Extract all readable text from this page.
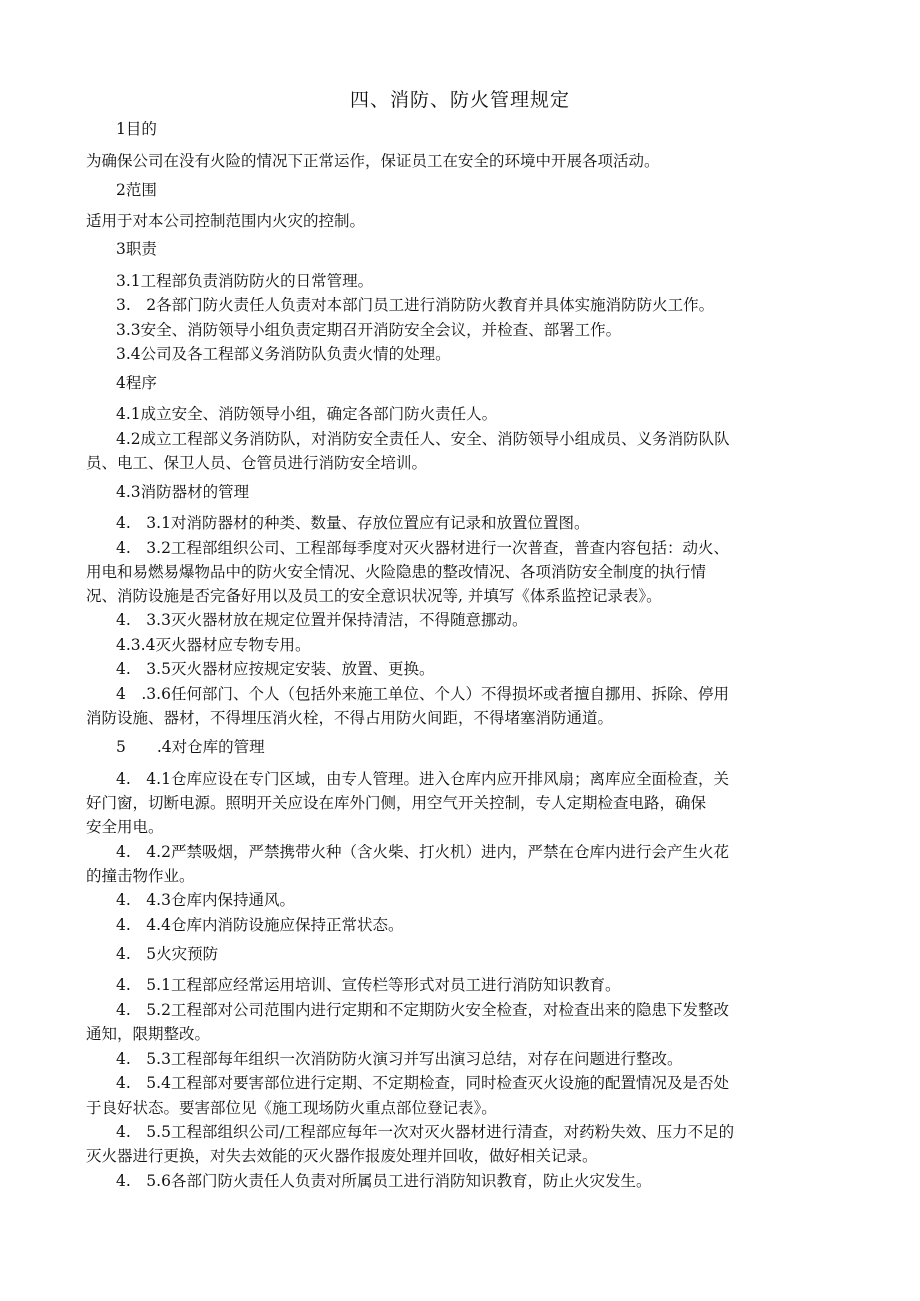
四、消防、防火管理规定
1目的
为确保公司在没有火险的情况下正常运作，保证员工在安全的环境中开展各项活动。
2范围
适用于对本公司控制范围内火灾的控制。
3职责
3.1工程部负责消防防火的日常管理。
3.　2各部门防火责任人负责对本部门员工进行消防防火教育并具体实施消防防火工作。
3.3安全、消防领导小组负责定期召开消防安全会议，并检查、部署工作。
3.4公司及各工程部义务消防队负责火情的处理。
4程序
4.1成立安全、消防领导小组，确定各部门防火责任人。
4.2成立工程部义务消防队，对消防安全责任人、安全、消防领导小组成员、义务消防队队
员、电工、保卫人员、仓管员进行消防安全培训。
4.3消防器材的管理
4.　3.1对消防器材的种类、数量、存放位置应有记录和放置位置图。
4.　3.2工程部组织公司、工程部每季度对灭火器材进行一次普查，普查内容包括：动火、
用电和易燃易爆物品中的防火安全情况、火险隐患的整改情况、各项消防安全制度的执行情
况、消防设施是否完备好用以及员工的安全意识状况等, 并填写《体系监控记录表》。
4.　3.3灭火器材放在规定位置并保持清洁，不得随意挪动。
4.3.4灭火器材应专物专用。
4.　3.5灭火器材应按规定安装、放置、更换。
4　.3.6任何部门、个人（包括外来施工单位、个人）不得损坏或者擅自挪用、拆除、停用
消防设施、器材，不得埋压消火栓，不得占用防火间距，不得堵塞消防通道。
5　　.4对仓库的管理
4.　4.1仓库应设在专门区域，由专人管理。进入仓库内应开排风扇；离库应全面检查，关
好门窗，切断电源。照明开关应设在库外门侧，用空气开关控制，专人定期检查电路，确保
安全用电。
4.　4.2严禁吸烟，严禁携带火种（含火柴、打火机）进内，严禁在仓库内进行会产生火花
的撞击物作业。
4.　4.3仓库内保持通风。
4.　4.4仓库内消防设施应保持正常状态。
4.　5火灾预防
4.　5.1工程部应经常运用培训、宣传栏等形式对员工进行消防知识教育。
4.　5.2工程部对公司范围内进行定期和不定期防火安全检查，对检查出来的隐患下发整改
通知，限期整改。
4.　5.3工程部每年组织一次消防防火演习并写出演习总结，对存在问题进行整改。
4.　5.4工程部对要害部位进行定期、不定期检查，同时检查灭火设施的配置情况及是否处
于良好状态。要害部位见《施工现场防火重点部位登记表》。
4.　5.5工程部组织公司/工程部应每年一次对灭火器材进行清查，对药粉失效、压力不足的
灭火器进行更换，对失去效能的灭火器作报废处理并回收，做好相关记录。
4.　5.6各部门防火责任人负责对所属员工进行消防知识教育，防止火灾发生。
